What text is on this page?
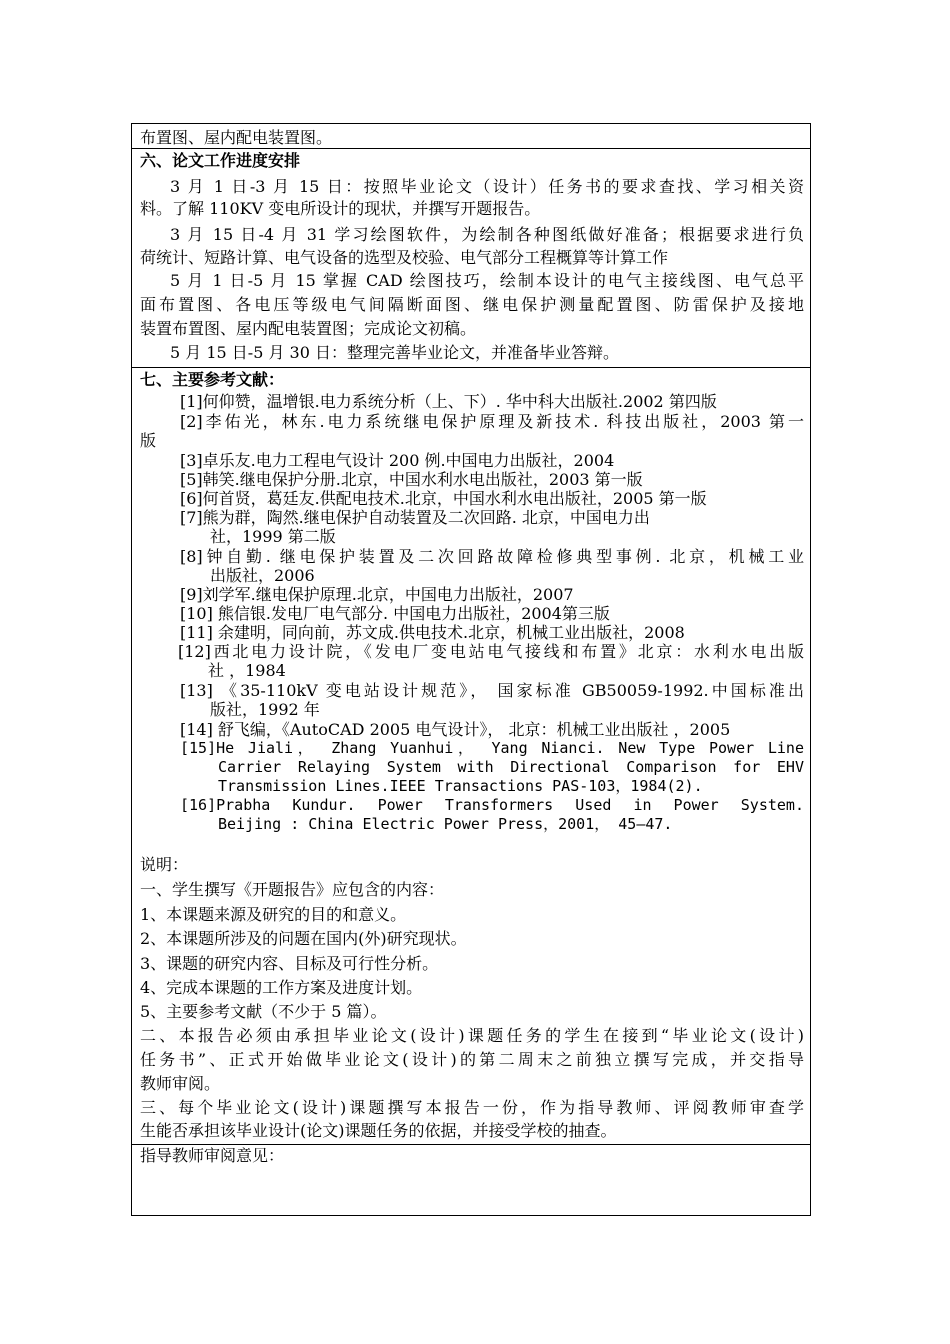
布置图、屋内配电装置图。
六、论文工作进度安排
3 月 1 日-3 月 15 日：按照毕业论文（设计）任务书的要求查找、学习相关资
料。了解 110KV 变电所设计的现状，并撰写开题报告。
3 月 15 日-4 月 31 学习绘图软件，为绘制各种图纸做好准备；根据要求进行负
荷统计、短路计算、电气设备的选型及校验、电气部分工程概算等计算工作
5 月 1 日-5 月 15 掌握 CAD 绘图技巧，绘制本设计的电气主接线图、电气总平
面布置图、各电压等级电气间隔断面图、继电保护测量配置图、防雷保护及接地
装置布置图、屋内配电装置图；完成论文初稿。
5 月 15 日-5 月 30 日：整理完善毕业论文，并准备毕业答辩。
七、主要参考文献：
[1]何仰赞，温增银.电力系统分析（上、下）. 华中科大出版社.2002 第四版
[2]李佑光，林东.电力系统继电保护原理及新技术. 科技出版社，2003 第一
版
[3]卓乐友.电力工程电气设计 200 例.中国电力出版社，2004
[5]韩笑.继电保护分册.北京，中国水利水电出版社，2003 第一版
[6]何首贤，葛廷友.供配电技术.北京，中国水利水电出版社，2005 第一版
[7]熊为群，陶然.继电保护自动装置及二次回路. 北京，中国电力出
社，1999 第二版
[8]钟自勤. 继电保护装置及二次回路故障检修典型事例. 北京，机械工业
出版社，2006
[9]刘学军.继电保护原理.北京，中国电力出版社，2007
[10] 熊信银.发电厂电气部分. 中国电力出版社，2004第三版
[11] 余建明，同向前，苏文成.供电技术.北京，机械工业出版社，2008
[12]西北电力设计院，《发电厂变电站电气接线和布置》北京：水利水电出版
社 ，1984
[13] 《35-110kV 变电站设计规范》， 国家标准 GB50059-1992.中国标准出
版社，1992 年
[14] 舒飞编，《AutoCAD 2005 电气设计》， 北京：机械工业出版社 ，2005
[15]He Jiali， Zhang Yuanhui， Yang Nianci. New Type Power Line
Carrier Relaying System with Directional Comparison for EHV
Transmission Lines.IEEE Transactions PAS-103，1984(2).
[16]Prabha Kundur. Power Transformers Used in Power System.
Beijing : China Electric Power Press，2001， 45—47.
说明：
一、学生撰写《开题报告》应包含的内容：
1、本课题来源及研究的目的和意义。
2、本课题所涉及的问题在国内(外)研究现状。
3、课题的研究内容、目标及可行性分析。
4、完成本课题的工作方案及进度计划。
5、主要参考文献（不少于 5 篇）。
二、本报告必须由承担毕业论文(设计)课题任务的学生在接到“毕业论文(设计)
任务书”、正式开始做毕业论文(设计)的第二周末之前独立撰写完成，并交指导
教师审阅。
三、每个毕业论文(设计)课题撰写本报告一份，作为指导教师、评阅教师审查学
生能否承担该毕业设计(论文)课题任务的依据，并接受学校的抽查。
指导教师审阅意见：
